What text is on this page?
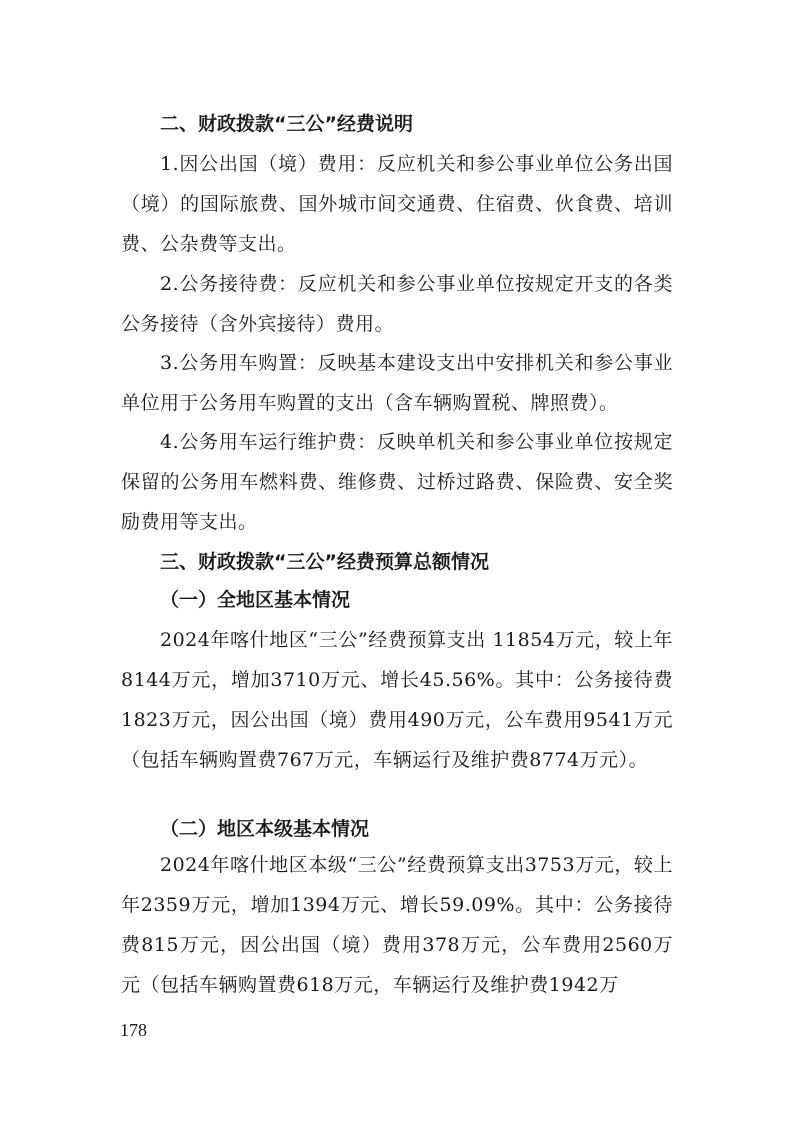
二、财政拨款“三公”经费说明

1.因公出国（境）费用：反应机关和参公事业单位公务出国（境）的国际旅费、国外城市间交通费、住宿费、伙食费、培训费、公杂费等支出。

2.公务接待费：反应机关和参公事业单位按规定开支的各类公务接待（含外宾接待）费用。

3.公务用车购置：反映基本建设支出中安排机关和参公事业单位用于公务用车购置的支出（含车辆购置税、牌照费）。

4.公务用车运行维护费：反映单机关和参公事业单位按规定保留的公务用车燃料费、维修费、过桥过路费、保险费、安全奖励费用等支出。

三、财政拨款“三公”经费预算总额情况
（一）全地区基本情况

2024年喀什地区“三公”经费预算支出 11854万元，较上年8144万元，增加3710万元、增长45.56%。其中：公务接待费1823万元，因公出国（境）费用490万元，公车费用9541万元（包括车辆购置费767万元，车辆运行及维护费8774万元）。

（二）地区本级基本情况

2024年喀什地区本级“三公”经费预算支出3753万元，较上年2359万元，增加1394万元、增长59.09%。其中：公务接待费815万元，因公出国（境）费用378万元，公车费用2560万元（包括车辆购置费618万元，车辆运行及维护费1942万

178
